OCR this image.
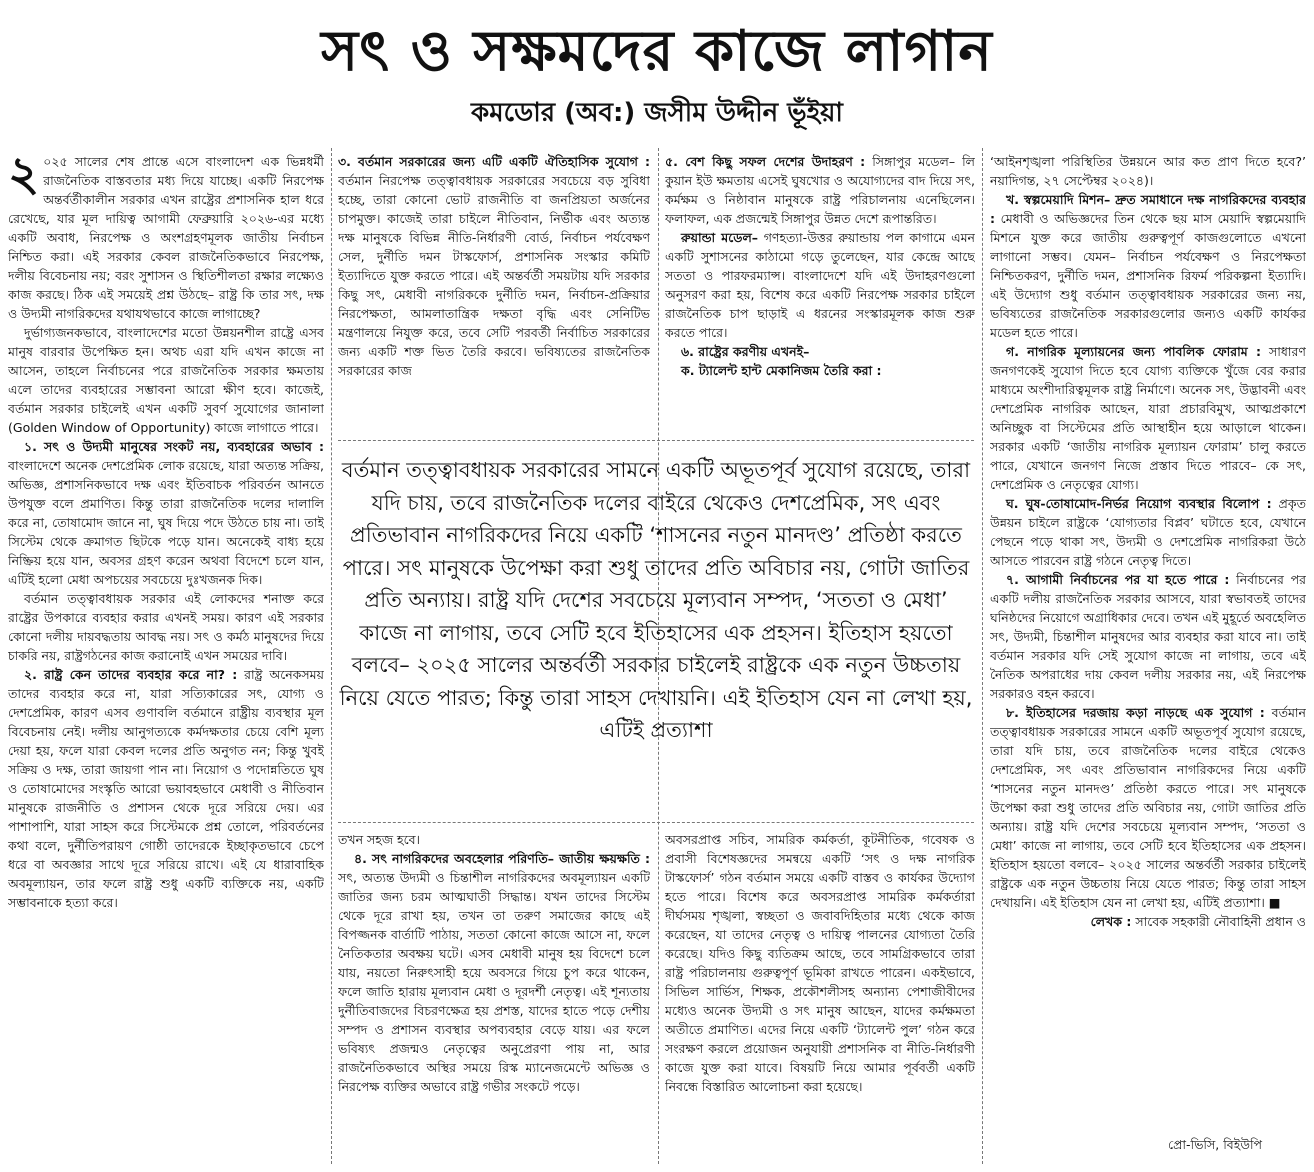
সৎ ও সক্ষমদের কাজে লাগান
কমডোর (অব:) জসীম উদ্দীন ভূঁইয়া

২ ০২৫ সালের শেষ প্রান্তে এসে বাংলাদেশ এক ভিন্নধর্মী রাজনৈতিক বাস্তবতার মধ্য দিয়ে যাচ্ছে। একটি নিরপেক্ষ অন্তর্বর্তীকালীন সরকার এখন রাষ্ট্রের প্রশাসনিক হাল ধরে রেখেছে, যার মূল দায়িত্ব আগামী ফেব্রুয়ারি ২০২৬-এর মধ্যে একটি অবাধ, নিরপেক্ষ ও অংশগ্রহণমূলক জাতীয় নির্বাচন নিশ্চিত করা। এই সরকার কেবল রাজনৈতিকভাবে নিরপেক্ষ, দলীয় বিবেচনায় নয়; বরং সুশাসন ও স্থিতিশীলতা রক্ষার লক্ষ্যেও কাজ করছে। ঠিক এই সময়েই প্রশ্ন উঠছে– রাষ্ট্র কি তার সৎ, দক্ষ ও উদ্যমী নাগরিকদের যথাযথভাবে কাজে লাগাচ্ছে?

দুর্ভাগ্যজনকভাবে, বাংলাদেশের মতো উন্নয়নশীল রাষ্ট্রে এসব মানুষ বারবার উপেক্ষিত হন। অথচ এরা যদি এখন কাজে না আসেন, তাহলে নির্বাচনের পরে রাজনৈতিক সরকার ক্ষমতায় এলে তাদের ব্যবহারের সম্ভাবনা আরো ক্ষীণ হবে। কাজেই, বর্তমান সরকার চাইলেই এখন একটি সুবর্ণ সুযোগের জানালা (Golden Window of Opportunity) কাজে লাগাতে পারে।

১. সৎ ও উদ্যমী মানুষের সংকট নয়, ব্যবহারের অভাব : বাংলাদেশে অনেক দেশপ্রেমিক লোক রয়েছে, যারা অত্যন্ত সক্রিয়, অভিজ্ঞ, প্রশাসনিকভাবে দক্ষ এবং ইতিবাচক পরিবর্তন আনতে উপযুক্ত বলে প্রমাণিত। কিন্তু তারা রাজনৈতিক দলের দালালি করে না, তোষামোদ জানে না, ঘুষ দিয়ে পদে উঠতে চায় না। তাই সিস্টেম থেকে ক্রমাগত ছিটকে পড়ে যান। অনেকেই বাধ্য হয়ে নিষ্ক্রিয় হয়ে যান, অবসর গ্রহণ করেন অথবা বিদেশে চলে যান, এটিই হলো মেধা অপচয়ের সবচেয়ে দুঃখজনক দিক।

বর্তমান তত্ত্বাবধায়ক সরকার এই লোকদের শনাক্ত করে রাষ্ট্রের উপকারে ব্যবহার করার এখনই সময়। কারণ এই সরকার কোনো দলীয় দায়বদ্ধতায় আবদ্ধ নয়। সৎ ও কর্মঠ মানুষদের দিয়ে চাকরি নয়, রাষ্ট্রগঠনের কাজ করানোই এখন সময়ের দাবি।

২. রাষ্ট্র কেন তাদের ব্যবহার করে না? : রাষ্ট্র অনেকসময় তাদের ব্যবহার করে না, যারা সত্যিকারের সৎ, যোগ্য ও দেশপ্রেমিক, কারণ এসব গুণাবলি বর্তমানে রাষ্ট্রীয় ব্যবস্থার মূল বিবেচনায় নেই। দলীয় আনুগত্যকে কর্মদক্ষতার চেয়ে বেশি মূল্য দেয়া হয়, ফলে যারা কেবল দলের প্রতি অনুগত নন; কিন্তু খুবই সক্রিয় ও দক্ষ, তারা জায়গা পান না। নিয়োগ ও পদোন্নতিতে ঘুষ ও তোষামোদের সংস্কৃতি আরো ভয়াবহভাবে মেধাবী ও নীতিবান মানুষকে রাজনীতি ও প্রশাসন থেকে দূরে সরিয়ে দেয়। এর পাশাপাশি, যারা সাহস করে সিস্টেমকে প্রশ্ন তোলে, পরিবর্তনের কথা বলে, দুর্নীতিপরায়ণ গোষ্ঠী তাদেরকে ইচ্ছাকৃতভাবে চেপে ধরে বা অবজ্ঞার সাথে দূরে সরিয়ে রাখে। এই যে ধারাবাহিক অবমূল্যায়ন, তার ফলে রাষ্ট্র শুধু একটি ব্যক্তিকে নয়, একটি সম্ভাবনাকে হত্যা করে।

৩. বর্তমান সরকারের জন্য এটি একটি ঐতিহাসিক সুযোগ : বর্তমান নিরপেক্ষ তত্ত্বাবধায়ক সরকারের সবচেয়ে বড় সুবিধা হচ্ছে, তারা কোনো ভোট রাজনীতি বা জনপ্রিয়তা অর্জনের চাপমুক্ত। কাজেই তারা চাইলে নীতিবান, নির্ভীক এবং অত্যন্ত দক্ষ মানুষকে বিভিন্ন নীতি-নির্ধারণী বোর্ড, নির্বাচন পর্যবেক্ষণ সেল, দুর্নীতি দমন টাস্কফোর্স, প্রশাসনিক সংস্কার কমিটি ইত্যাদিতে যুক্ত করতে পারে। এই অন্তর্বর্তী সময়টায় যদি সরকার কিছু সৎ, মেধাবী নাগরিককে দুর্নীতি দমন, নির্বাচন-প্রক্রিয়ার নিরপেক্ষতা, আমলাতান্ত্রিক দক্ষতা বৃদ্ধি এবং সেনিটিভ মন্ত্রণালয়ে নিযুক্ত করে, তবে সেটি পরবর্তী নির্বাচিত সরকারের জন্য একটি শক্ত ভিত তৈরি করবে। ভবিষ্যতের রাজনৈতিক সরকারের কাজ

৫. বেশ কিছু সফল দেশের উদাহরণ : সিঙ্গাপুর মডেল– লি কুয়ান ইউ ক্ষমতায় এসেই ঘুষখোর ও অযোগ্যদের বাদ দিয়ে সৎ, কর্মক্ষম ও নিষ্ঠাবান মানুষকে রাষ্ট্র পরিচালনায় এনেছিলেন। ফলাফল, এক প্রজন্মেই সিঙ্গাপুর উন্নত দেশে রূপান্তরিত।

রুয়ান্ডা মডেল– গণহত্যা-উত্তর রুয়ান্ডায় পল কাগামে এমন একটি সুশাসনের কাঠামো গড়ে তুলেছেন, যার কেন্দ্রে আছে সততা ও পারফরম্যান্স। বাংলাদেশে যদি এই উদাহরণগুলো অনুসরণ করা হয়, বিশেষ করে একটি নিরপেক্ষ সরকার চাইলে রাজনৈতিক চাপ ছাড়াই এ ধরনের সংস্কারমূলক কাজ শুরু করতে পারে।

৬. রাষ্ট্রের করণীয় এখনই–

ক. ট্যালেন্ট হান্ট মেকানিজম তৈরি করা :

বর্তমান তত্ত্বাবধায়ক সরকারের সামনে একটি অভূতপূর্ব সুযোগ রয়েছে, তারা যদি চায়, তবে রাজনৈতিক দলের বাইরে থেকেও দেশপ্রেমিক, সৎ এবং প্রতিভাবান নাগরিকদের নিয়ে একটি ‘শাসনের নতুন মানদণ্ড’ প্রতিষ্ঠা করতে পারে। সৎ মানুষকে উপেক্ষা করা শুধু তাদের প্রতি অবিচার নয়, গোটা জাতির প্রতি অন্যায়। রাষ্ট্র যদি দেশের সবচেয়ে মূল্যবান সম্পদ, ‘সততা ও মেধা’ কাজে না লাগায়, তবে সেটি হবে ইতিহাসের এক প্রহসন। ইতিহাস হয়তো বলবে– ২০২৫ সালের অন্তর্বর্তী সরকার চাইলেই রাষ্ট্রকে এক নতুন উচ্চতায় নিয়ে যেতে পারত; কিন্তু তারা সাহস দেখায়নি। এই ইতিহাস যেন না লেখা হয়, এটিই প্রত্যাশা

তখন সহজ হবে।

৪. সৎ নাগরিকদের অবহেলার পরিণতি– জাতীয় ক্ষয়ক্ষতি : সৎ, অত্যন্ত উদ্যমী ও চিন্তাশীল নাগরিকদের অবমূল্যায়ন একটি জাতির জন্য চরম আত্মঘাতী সিদ্ধান্ত। যখন তাদের সিস্টেম থেকে দূরে রাখা হয়, তখন তা তরুণ সমাজের কাছে এই বিপজ্জনক বার্তাটি পাঠায়, সততা কোনো কাজে আসে না, ফলে নৈতিকতার অবক্ষয় ঘটে। এসব মেধাবী মানুষ হয় বিদেশে চলে যায়, নয়তো নিরুৎসাহী হয়ে অবসরে গিয়ে চুপ করে থাকেন, ফলে জাতি হারায় মূল্যবান মেধা ও দূরদর্শী নেতৃত্ব। এই শূন্যতায় দুর্নীতিবাজদের বিচরণক্ষেত্র হয় প্রশস্ত, যাদের হাতে পড়ে দেশীয় সম্পদ ও প্রশাসন ব্যবস্থার অপব্যবহার বেড়ে যায়। এর ফলে ভবিষ্যৎ প্রজন্মও নেতৃত্বের অনুপ্রেরণা পায় না, আর রাজনৈতিকভাবে অস্থির সময়ে রিস্ক ম্যানেজমেন্টে অভিজ্ঞ ও নিরপেক্ষ ব্যক্তির অভাবে রাষ্ট্র গভীর সংকটে পড়ে।

অবসরপ্রাপ্ত সচিব, সামরিক কর্মকর্তা, কূটনীতিক, গবেষক ও প্রবাসী বিশেষজ্ঞদের সমন্বয়ে একটি ‘সৎ ও দক্ষ নাগরিক টাস্কফোর্স’ গঠন বর্তমান সময়ে একটি বাস্তব ও কার্যকর উদ্যোগ হতে পারে। বিশেষ করে অবসরপ্রাপ্ত সামরিক কর্মকর্তারা দীর্ঘসময় শৃঙ্খলা, স্বচ্ছতা ও জবাবদিহিতার মধ্যে থেকে কাজ করেছেন, যা তাদের নেতৃত্ব ও দায়িত্ব পালনের যোগ্যতা তৈরি করেছে। যদিও কিছু ব্যতিক্রম আছে, তবে সামগ্রিকভাবে তারা রাষ্ট্র পরিচালনায় গুরুত্বপূর্ণ ভূমিকা রাখতে পারেন। একইভাবে, সিভিল সার্ভিস, শিক্ষক, প্রকৌশলীসহ অন্যান্য পেশাজীবীদের মধ্যেও অনেক উদ্যমী ও সৎ মানুষ আছেন, যাদের কর্মক্ষমতা অতীতে প্রমাণিত। এদের নিয়ে একটি ‘ট্যালেন্ট পুল’ গঠন করে সংরক্ষণ করলে প্রয়োজন অনুযায়ী প্রশাসনিক বা নীতি-নির্ধারণী কাজে যুক্ত করা যাবে। বিষয়টি নিয়ে আমার পূর্ববর্তী একটি নিবন্ধে বিস্তারিত আলোচনা করা হয়েছে।

‘আইনশৃঙ্খলা পরিস্থিতির উন্নয়নে আর কত প্রাণ দিতে হবে?’ নয়াদিগন্ত, ২৭ সেপ্টেম্বর ২০২৪)।

খ. স্বল্পমেয়াদি মিশন– দ্রুত সমাধানে দক্ষ নাগরিকদের ব্যবহার : মেধাবী ও অভিজ্ঞদের তিন থেকে ছয় মাস মেয়াদি স্বল্পমেয়াদি মিশনে যুক্ত করে জাতীয় গুরুত্বপূর্ণ কাজগুলোতে এখনো লাগানো সম্ভব। যেমন– নির্বাচন পর্যবেক্ষণ ও নিরপেক্ষতা নিশ্চিতকরণ, দুর্নীতি দমন, প্রশাসনিক রিফর্ম পরিকল্পনা ইত্যাদি। এই উদ্যোগ শুধু বর্তমান তত্ত্বাবধায়ক সরকারের জন্য নয়, ভবিষ্যতের রাজনৈতিক সরকারগুলোর জন্যও একটি কার্যকর মডেল হতে পারে।

গ. নাগরিক মূল্যায়নের জন্য পাবলিক ফোরাম : সাধারণ জনগণকেই সুযোগ দিতে হবে যোগ্য ব্যক্তিকে খুঁজে বের করার মাধ্যমে অংশীদারিত্বমূলক রাষ্ট্র নির্মাণে। অনেক সৎ, উদ্ভাবনী এবং দেশপ্রেমিক নাগরিক আছেন, যারা প্রচারবিমুখ, আত্মপ্রকাশে অনিচ্ছুক বা সিস্টেমের প্রতি আস্থাহীন হয়ে আড়ালে থাকেন। সরকার একটি ‘জাতীয় নাগরিক মূল্যায়ন ফোরাম’ চালু করতে পারে, যেখানে জনগণ নিজে প্রস্তাব দিতে পারবে– কে সৎ, দেশপ্রেমিক ও নেতৃত্বের যোগ্য।

ঘ. ঘুষ-তোষামোদ-নির্ভর নিয়োগ ব্যবস্থার বিলোপ : প্রকৃত উন্নয়ন চাইলে রাষ্ট্রকে ‘যোগ্যতার বিপ্লব’ ঘটাতে হবে, যেখানে পেছনে পড়ে থাকা সৎ, উদ্যমী ও দেশপ্রেমিক নাগরিকরা উঠে আসতে পারবেন রাষ্ট্র গঠনে নেতৃত্ব দিতে।

৭. আগামী নির্বাচনের পর যা হতে পারে : নির্বাচনের পর একটি দলীয় রাজনৈতিক সরকার আসবে, যারা স্বভাবতই তাদের ঘনিষ্ঠদের নিয়োগে অগ্রাধিকার দেবে। তখন এই মুহূর্তে অবহেলিত সৎ, উদ্যমী, চিন্তাশীল মানুষদের আর ব্যবহার করা যাবে না। তাই বর্তমান সরকার যদি সেই সুযোগ কাজে না লাগায়, তবে এই নৈতিক অপরাধের দায় কেবল দলীয় সরকার নয়, এই নিরপেক্ষ সরকারও বহন করবে।

৮. ইতিহাসের দরজায় কড়া নাড়ছে এক সুযোগ : বর্তমান তত্ত্বাবধায়ক সরকারের সামনে একটি অভূতপূর্ব সুযোগ রয়েছে, তারা যদি চায়, তবে রাজনৈতিক দলের বাইরে থেকেও দেশপ্রেমিক, সৎ এবং প্রতিভাবান নাগরিকদের নিয়ে একটি ‘শাসনের নতুন মানদণ্ড’ প্রতিষ্ঠা করতে পারে। সৎ মানুষকে উপেক্ষা করা শুধু তাদের প্রতি অবিচার নয়, গোটা জাতির প্রতি অন্যায়। রাষ্ট্র যদি দেশের সবচেয়ে মূল্যবান সম্পদ, ‘সততা ও মেধা’ কাজে না লাগায়, তবে সেটি হবে ইতিহাসের এক প্রহসন। ইতিহাস হয়তো বলবে– ২০২৫ সালের অন্তর্বর্তী সরকার চাইলেই রাষ্ট্রকে এক নতুন উচ্চতায় নিয়ে যেতে পারত; কিন্তু তারা সাহস দেখায়নি। এই ইতিহাস যেন না লেখা হয়, এটিই প্রত্যাশা। ■

লেখক : সাবেক সহকারী নৌবাহিনী প্রধান ও

প্রো-ভিসি, বিইউপি
